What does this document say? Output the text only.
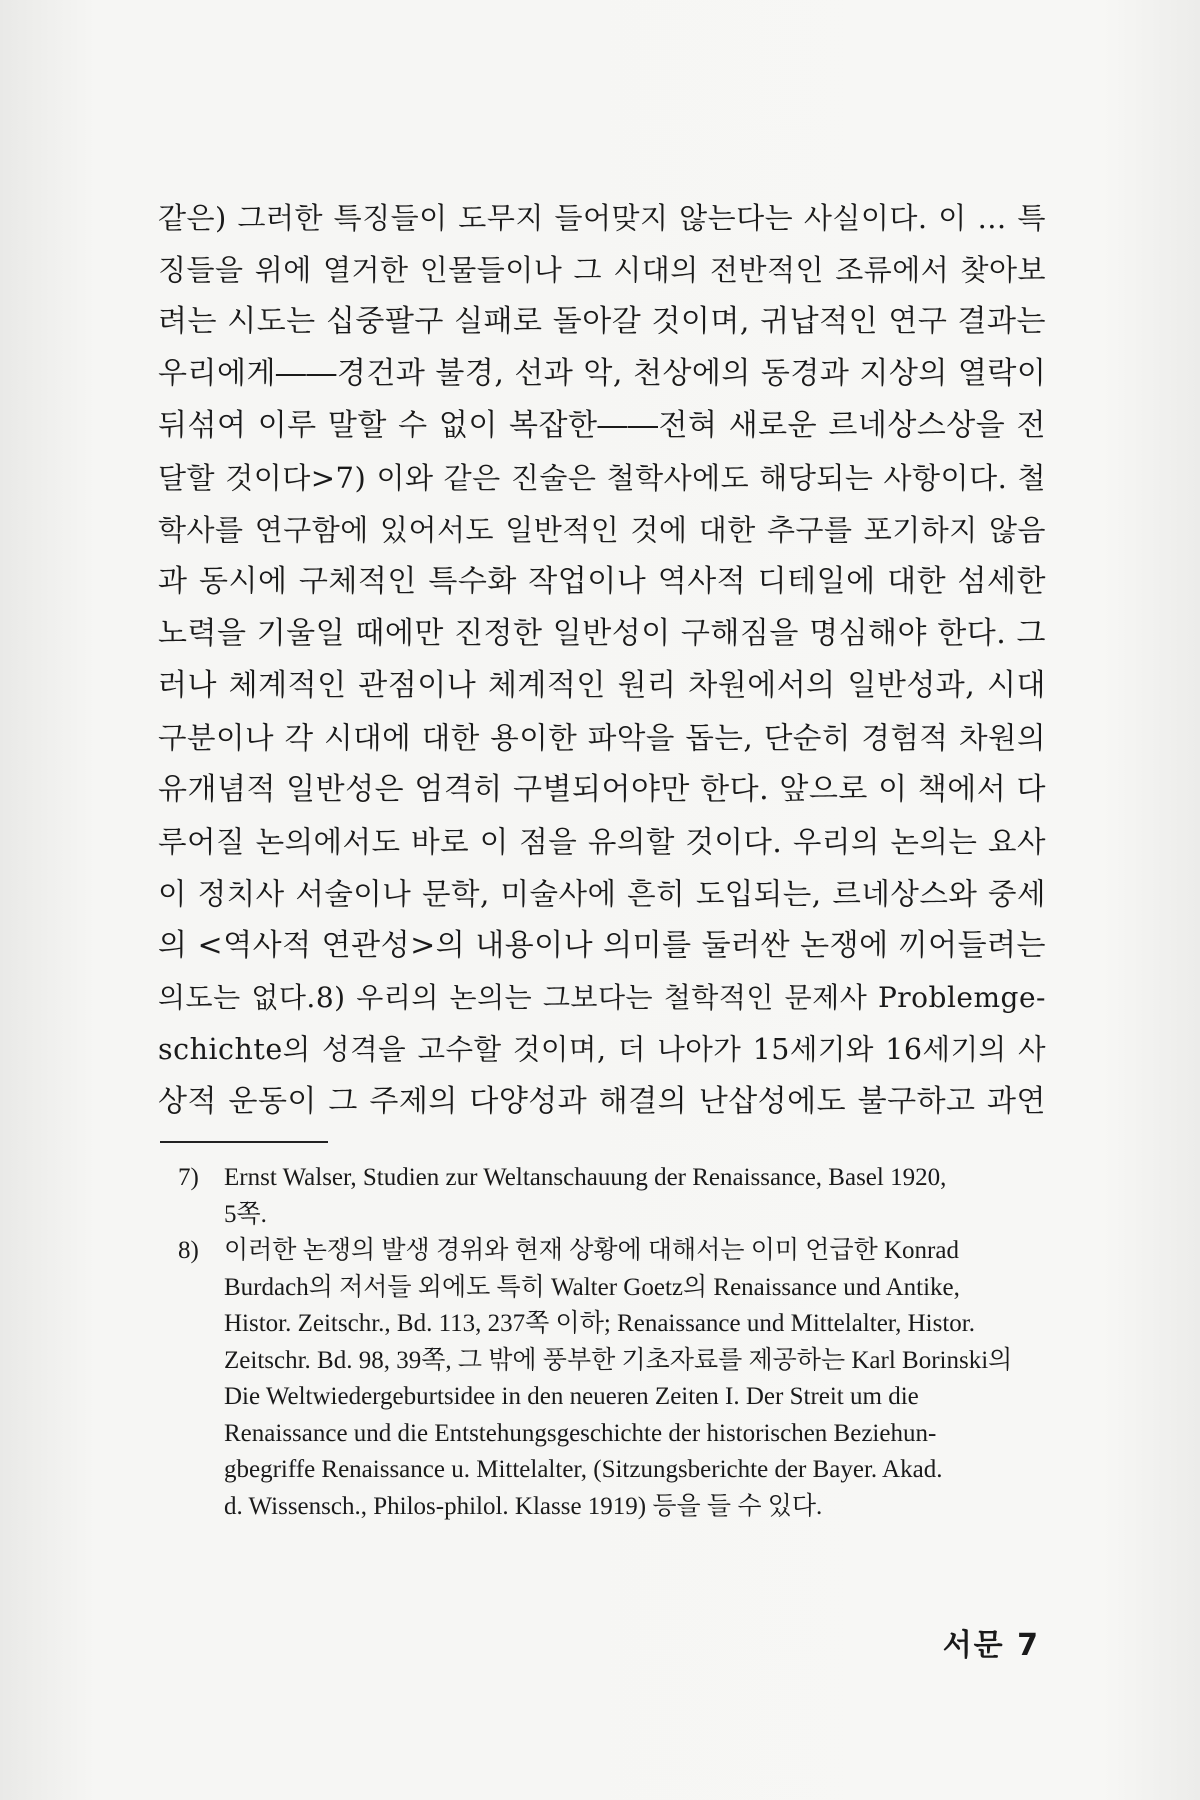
같은) 그러한 특징들이 도무지 들어맞지 않는다는 사실이다. 이 … 특
징들을 위에 열거한 인물들이나 그 시대의 전반적인 조류에서 찾아보
려는 시도는 십중팔구 실패로 돌아갈 것이며, 귀납적인 연구 결과는
우리에게――경건과 불경, 선과 악, 천상에의 동경과 지상의 열락이
뒤섞여 이루 말할 수 없이 복잡한――전혀 새로운 르네상스상을 전
달할 것이다>7) 이와 같은 진술은 철학사에도 해당되는 사항이다. 철
학사를 연구함에 있어서도 일반적인 것에 대한 추구를 포기하지 않음
과 동시에 구체적인 특수화 작업이나 역사적 디테일에 대한 섬세한
노력을 기울일 때에만 진정한 일반성이 구해짐을 명심해야 한다. 그
러나 체계적인 관점이나 체계적인 원리 차원에서의 일반성과, 시대
구분이나 각 시대에 대한 용이한 파악을 돕는, 단순히 경험적 차원의
유개념적 일반성은 엄격히 구별되어야만 한다. 앞으로 이 책에서 다
루어질 논의에서도 바로 이 점을 유의할 것이다. 우리의 논의는 요사
이 정치사 서술이나 문학, 미술사에 흔히 도입되는, 르네상스와 중세
의 <역사적 연관성>의 내용이나 의미를 둘러싼 논쟁에 끼어들려는
의도는 없다.8) 우리의 논의는 그보다는 철학적인 문제사 Problemge-
schichte의 성격을 고수할 것이며, 더 나아가 15세기와 16세기의 사
상적 운동이 그 주제의 다양성과 해결의 난삽성에도 불구하고 과연
7) Ernst Walser, Studien zur Weltanschauung der Renaissance, Basel 1920,
5쪽.
8) 이러한 논쟁의 발생 경위와 현재 상황에 대해서는 이미 언급한 Konrad
Burdach의 저서들 외에도 특히 Walter Goetz의 Renaissance und Antike,
Histor. Zeitschr., Bd. 113, 237쪽 이하; Renaissance und Mittelalter, Histor.
Zeitschr. Bd. 98, 39쪽, 그 밖에 풍부한 기초자료를 제공하는 Karl Borinski의
Die Weltwiedergeburtsidee in den neueren Zeiten I. Der Streit um die
Renaissance und die Entstehungsgeschichte der historischen Beziehun-
gbegriffe Renaissance u. Mittelalter, (Sitzungsberichte der Bayer. Akad.
d. Wissensch., Philos-philol. Klasse 1919) 등을 들 수 있다.
서문 7
